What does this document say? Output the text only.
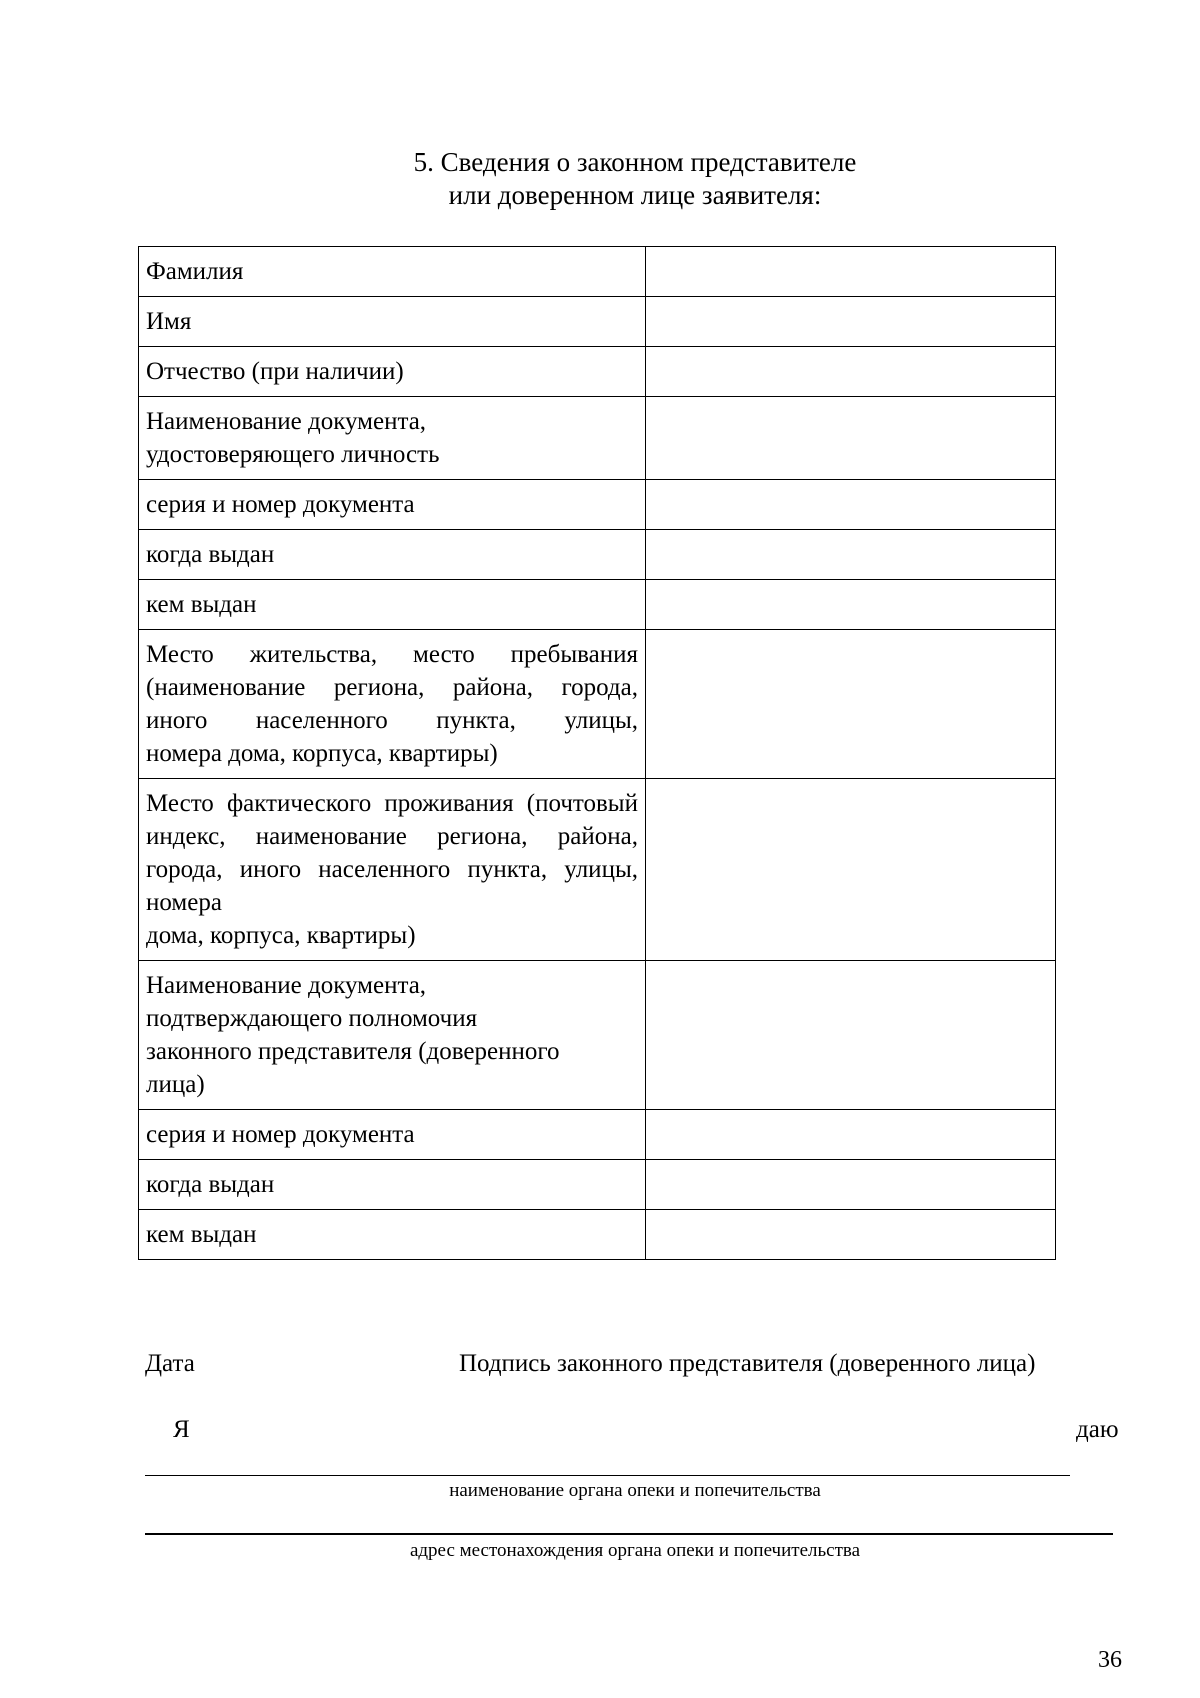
5. Сведения о законном представителе
или доверенном лице заявителя:
Фамилия	
Имя	
Отчество (при наличии)	
Наименование документа,
удостоверяющего личность	
серия и номер документа	
когда выдан	
кем выдан	
Место жительства, место пребывания (наименование региона, района, города, иного населенного пункта, улицы,
номера дома, корпуса, квартиры)	

Место фактического проживания (почтовый индекс, наименование региона, района, города, иного населенного пункта, улицы, номера
дома, корпуса, квартиры)	

Наименование документа,
подтверждающего полномочия
законного представителя (доверенного
лица)	
серия и номер документа	
когда выдан	
кем выдан	
Дата	Подпись законного представителя (доверенного лица)
Я	даю
наименование органа опеки и попечительства
адрес местонахождения органа опеки и попечительства
36
